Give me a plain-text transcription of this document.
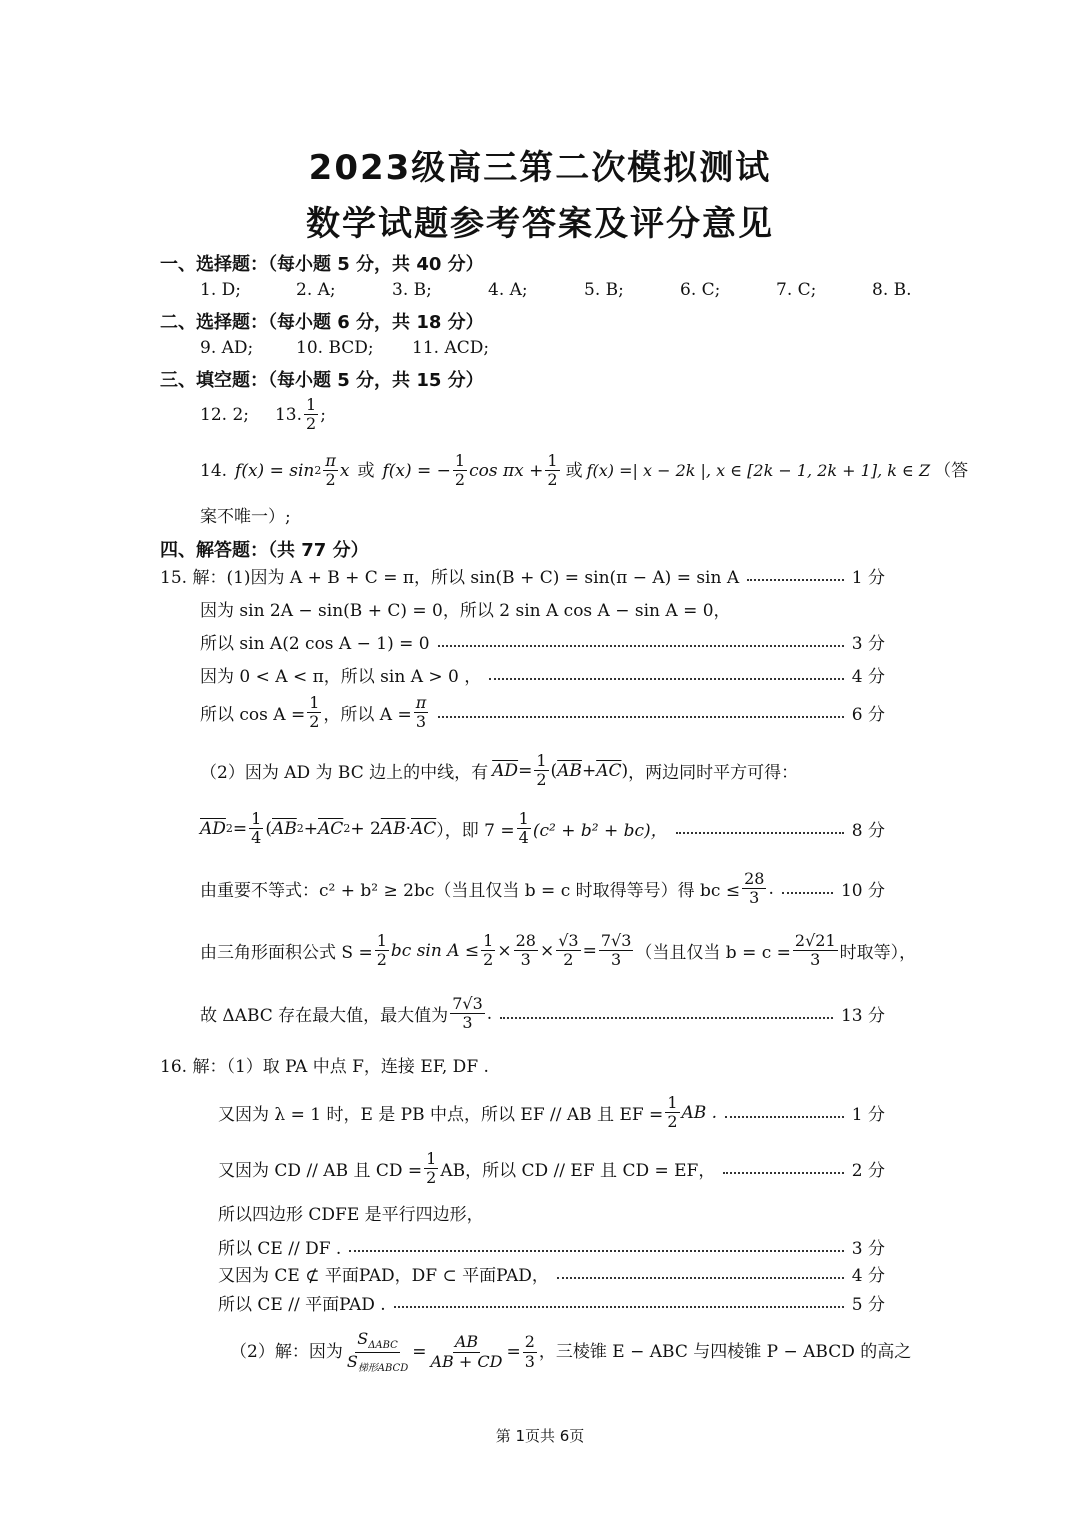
2023级高三第二次模拟测试
数学试题参考答案及评分意见
一、选择题：（每小题 5 分，共 40 分）
1. D;	2. A;	3. B;	4. A;	5. B;	6. C;	7. C;	8. B.
二、选择题：（每小题 6 分，共 18 分）
9. AD;	10. BCD; 11. ACD;
三、填空题：（每小题 5 分，共 15 分）
12. 2; 13. $\frac{1}{2}$ ;
14. $f(x) = \sin 2 \frac{\pi}{2}$ x 或 f(x) = − $\frac{1}{2}$ $\cos \pi x + \frac{1}{2}$ 或 f(x) =| x − 2k |, x ∈ [2k − 1, 2k + 1], k ∈ Z （答
案不唯一）;
四、解答题：（共 77 分）
15. 解：(1)因为 A + B + C = π，所以 sin(B + C) = sin(π − A) = sin A	1 分
因为 sin 2A − sin(B + C) = 0，所以 2 sin A cos A − sin A = 0，
所以 sin A(2 cos A − 1) = 0	3 分
因为 0 < A < π，所以 sin A > 0 ，	4 分
所以 $\cos A = \frac{1}{2}$ ，所以 $A = \frac{\pi}{3}$	6 分
（2）因为 AD 为 BC 边上的中线，有 $\overline{AD} = \frac{1}{2}$ ( $\overline{AB} + \overline{AC}$ ) ，两边同时平方可得：
$\overline{AD}$ $2 = \frac{1}{4}$ ( $\overline{AB}$ $2 + \overline{AC}$ 2 + 2 $\overline{AB} \cdot \overline{AC}$ ），即 $7 = \frac{1}{4} (c^2 + b^2 + bc)$，	8 分
由重要不等式：c² + b² ≥ 2bc（当且仅当 b = c 时取得等号）得 bc ≤ $\frac{28}{3}$ .	10 分
由三角形面积公式 $S = \frac{1}{2}$ bc $\sin A \le \frac{1}{2} \times \frac{28}{3} \times \frac{√3}{2} = \frac{7√3}{3}$ （当且仅当 $b = c = \frac{2√21}{3}$ 时取等），
故 ΔABC 存在最大值，最大值为 $\frac{7√3}{3}$ .	13 分
16. 解：（1）取 PA 中点 F，连接 EF, DF .
又因为 λ = 1 时，E 是 PB 中点，所以 EF // AB 且 EF = $\frac{1}{2}$ AB .	1 分
又因为 CD // AB 且 CD = $\frac{1}{2}$ AB，所以 CD // EF 且 CD = EF，	2 分
所以四边形 CDFE 是平行四边形，
所以 CE // DF .	3 分
又因为 CE ⊄ 平面PAD，DF ⊂ 平面PAD，	4 分
所以 CE // 平面PAD .	5 分
（2）解：因为 $\frac{S_{\Delta ABC}}{S_{梯形ABCD}} = \frac{AB}{AB + CD} = \frac{2}{3}$ ，三棱锥 E − ABC 与四棱锥 P − ABCD 的高之
第 1页共 6页
